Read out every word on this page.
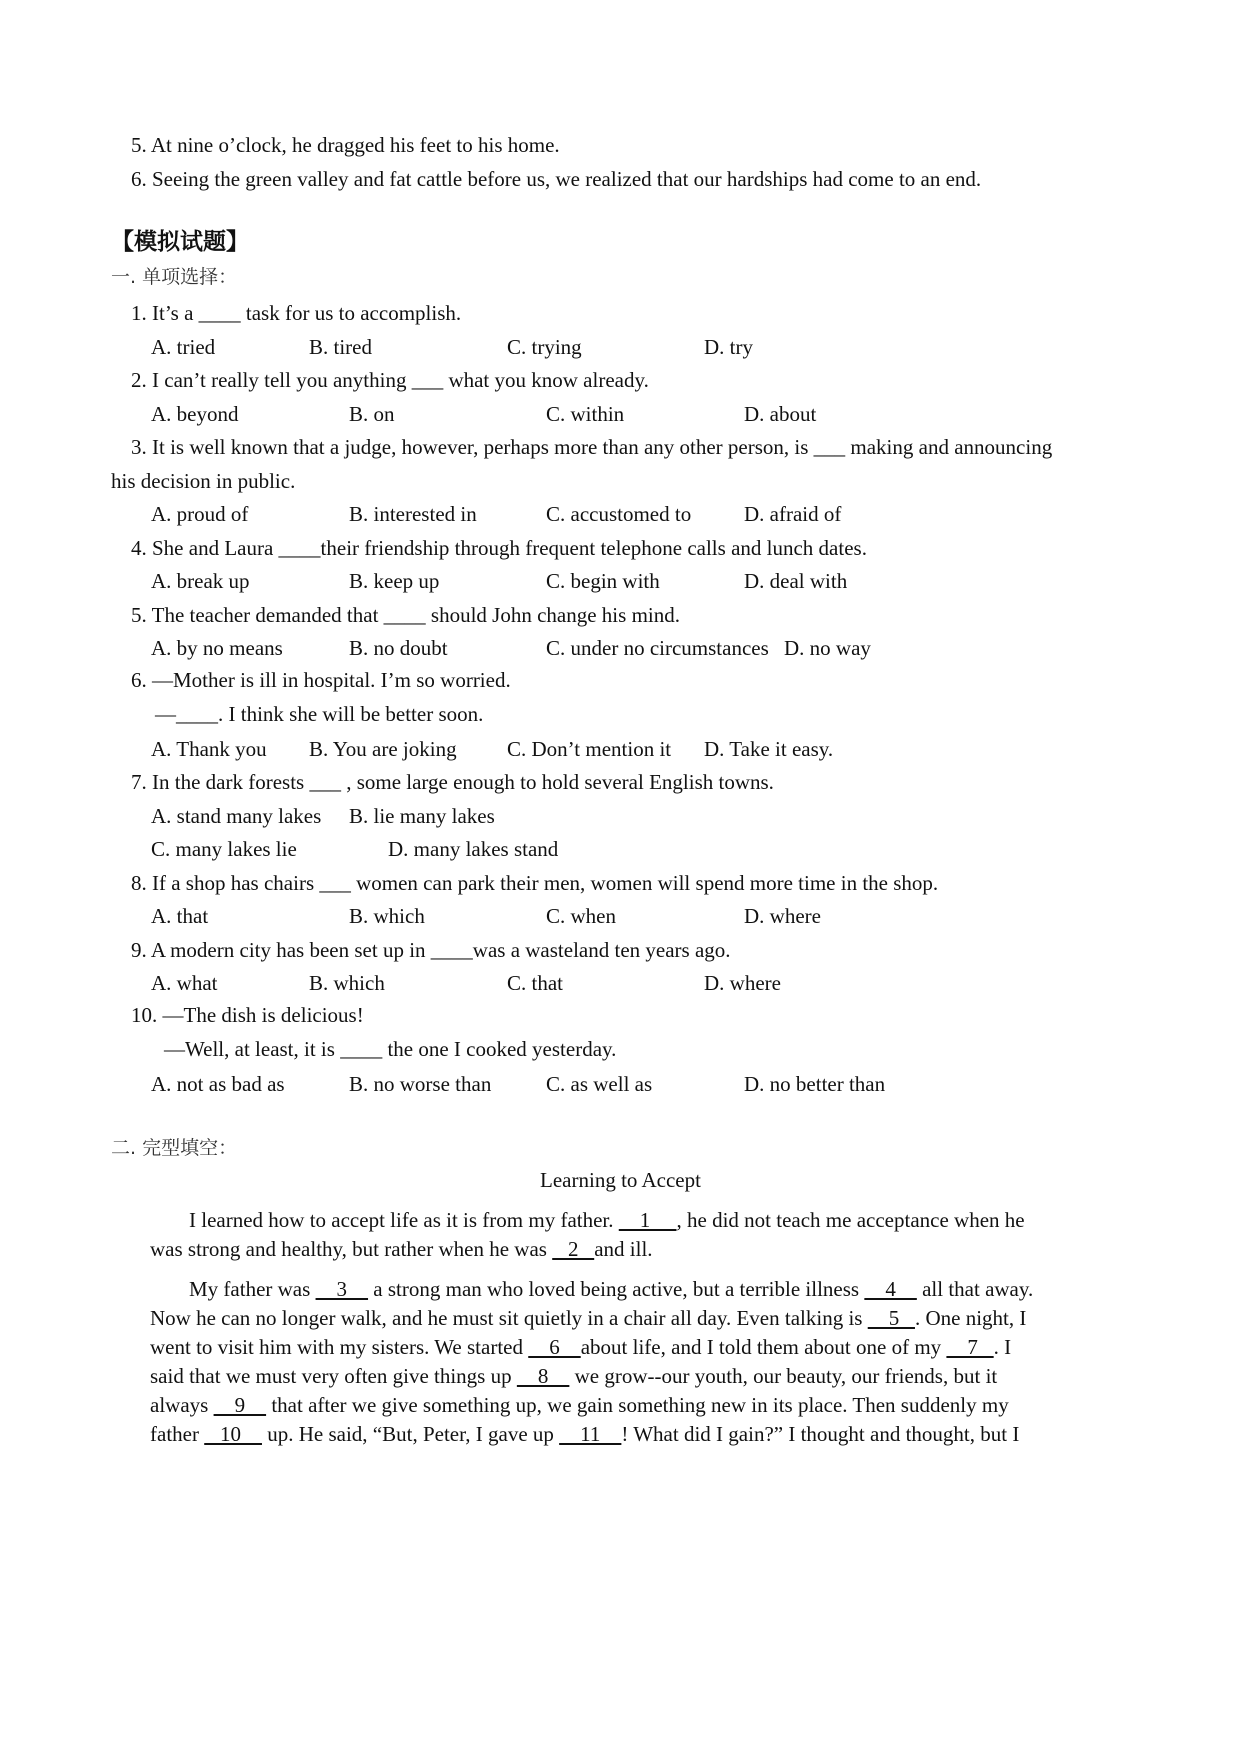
5. At nine o’clock, he dragged his feet to his home.
6. Seeing the green valley and fat cattle before us, we realized that our hardships had come to an end.
【模拟试题】
一. 单项选择：
1. It’s a ____ task for us to accomplish.
A. tried	B. tired	C. trying	D. try
2. I can’t really tell you anything ___ what you know already.
A. beyond	B. on	C. within	D. about
3. It is well known that a judge, however, perhaps more than any other person, is ___ making and announcing
his decision in public.
A. proud of	B. interested in	C. accustomed to	D. afraid of
4. She and Laura ____their friendship through frequent telephone calls and lunch dates.
A. break up	B. keep up	C. begin with	D. deal with
5. The teacher demanded that ____ should John change his mind.
A. by no means	B. no doubt	C. under no circumstances D. no way
6. —Mother is ill in hospital. I’m so worried.
—____. I think she will be better soon.
A. Thank you B. You are joking C. Don’t mention it D. Take it easy.
7. In the dark forests ___ , some large enough to hold several English towns.
A. stand many lakes B. lie many lakes
C. many lakes lie	D. many lakes stand
8. If a shop has chairs ___ women can park their men, women will spend more time in the shop.
A. that	B. which	C. when	D. where
9. A modern city has been set up in ____was a wasteland ten years ago.
A. what	B. which	C. that	D. where
10. —The dish is delicious!
—Well, at least, it is ____ the one I cooked yesterday.
A. not as bad as	B. no worse than	C. as well as	D. no better than
二. 完型填空：
Learning to Accept
I learned how to accept life as it is from my father.     1     , he did not teach me acceptance when he
was strong and healthy, but rather when he was    2   and ill.
My father was     3     a strong man who loved being active, but a terrible illness     4     all that away.
Now he can no longer walk, and he must sit quietly in a chair all day. Even talking is     5   . One night, I
went to visit him with my sisters. We started     6    about life, and I told them about one of my     7   . I
said that we must very often give things up     8     we grow--our youth, our beauty, our friends, but it
always     9     that after we give something up, we gain something new in its place. Then suddenly my
father    10     up. He said, “But, Peter, I gave up     11    ! What did I gain?” I thought and thought, but I
